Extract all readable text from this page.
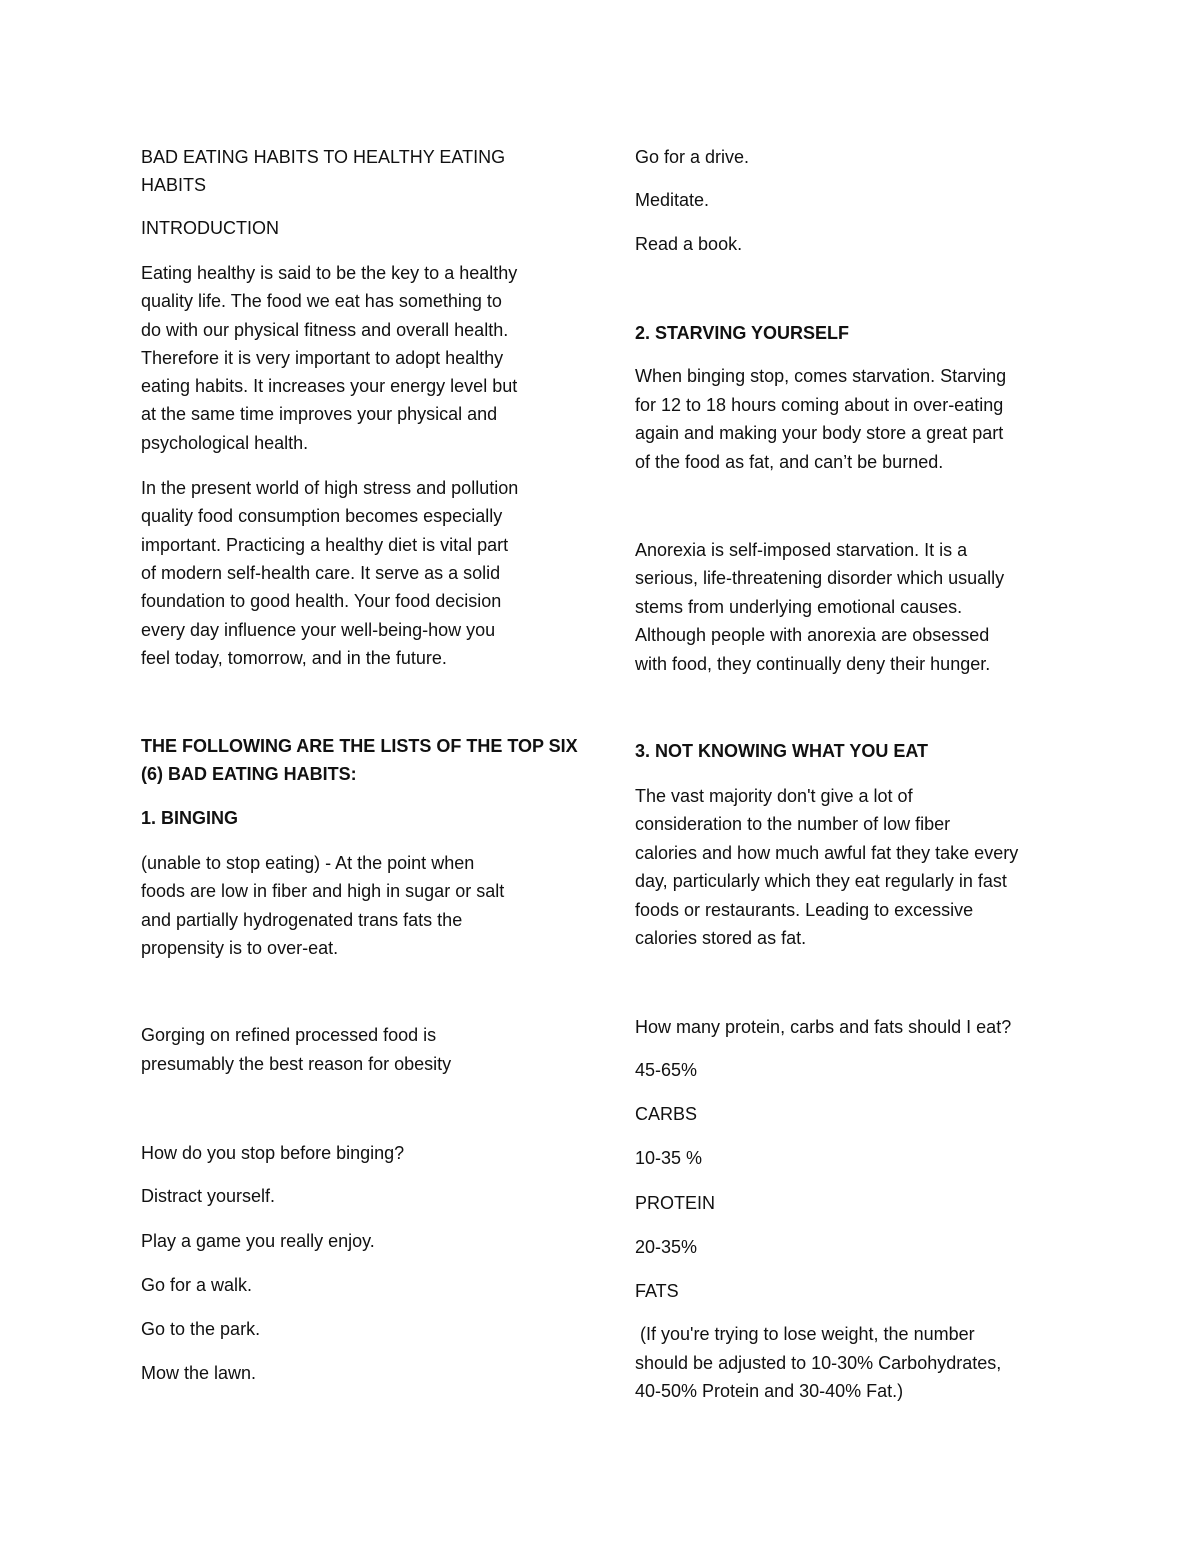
BAD EATING HABITS TO HEALTHY EATING

HABITS

INTRODUCTION

Eating healthy is said to be the key to a healthy

quality life. The food we eat has something to

do with our physical fitness and overall health.

Therefore it is very important to adopt healthy

eating habits. It increases your energy level but

at the same time improves your physical and

psychological health.

In the present world of high stress and pollution

quality food consumption becomes especially

important. Practicing a healthy diet is vital part

of modern self-health care. It serve as a solid

foundation to good health. Your food decision

every day influence your well-being-how you

feel today, tomorrow, and in the future.

THE FOLLOWING ARE THE LISTS OF THE TOP SIX

(6) BAD EATING HABITS:

1. BINGING

(unable to stop eating) - At the point when

foods are low in fiber and high in sugar or salt

and partially hydrogenated trans fats the

propensity is to over-eat.

Gorging on refined processed food is

presumably the best reason for obesity

How do you stop before binging?

Distract yourself.

Play a game you really enjoy.

Go for a walk.

Go to the park.

Mow the lawn.

Go for a drive.

Meditate.

Read a book.

2. STARVING YOURSELF

When binging stop, comes starvation. Starving

for 12 to 18 hours coming about in over-eating

again and making your body store a great part

of the food as fat, and can’t be burned.

Anorexia is self-imposed starvation. It is a

serious, life-threatening disorder which usually

stems from underlying emotional causes.

Although people with anorexia are obsessed

with food, they continually deny their hunger.

3. NOT KNOWING WHAT YOU EAT

The vast majority don't give a lot of

consideration to the number of low fiber

calories and how much awful fat they take every

day, particularly which they eat regularly in fast

foods or restaurants. Leading to excessive

calories stored as fat.

How many protein, carbs and fats should I eat?

45-65%

CARBS

10-35 %

PROTEIN

20-35%

FATS

(If you're trying to lose weight, the number

should be adjusted to 10-30% Carbohydrates,

40-50% Protein and 30-40% Fat.)
